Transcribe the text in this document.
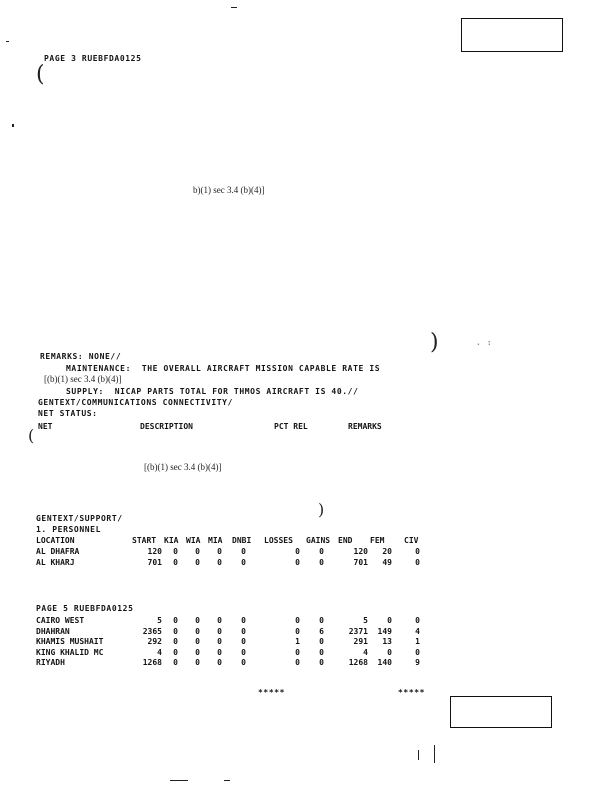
PAGE 3 RUEBFDA0125
(
b)(1) sec 3.4 (b)(4)]
)	. :
REMARKS: NONE//
MAINTENANCE:  THE OVERALL AIRCRAFT MISSION CAPABLE RATE IS
[(b)(1) sec 3.4 (b)(4)]
SUPPLY:  NICAP PARTS TOTAL FOR THMOS AIRCRAFT IS 40.//
GENTEXT/COMMUNICATIONS CONNECTIVITY/
NET STATUS:
NET	DESCRIPTION	PCT REL	REMARKS
(
[(b)(1) sec 3.4 (b)(4)]
)
GENTEXT/SUPPORT/
1. PERSONNEL
LOCATION	START KIA WIA MIA DNBI LOSSES GAINS END FEM CIV
AL DHAFRA	120	0	0	0	0	0	0	120	20	0
AL KHARJ	701	0	0	0	0	0	0	701	49	0
PAGE 5 RUEBFDA0125
CAIRO WEST	5	0	0	0	0	0	0	5	0	0
DHAHRAN	2365	0	0	0	0	0	6	2371	149	4
KHAMIS MUSHAIT	292	0	0	0	0	1	0	291	13	1
KING KHALID MC	4	0	0	0	0	0	0	4	0	0
RIYADH	1268	0	0	0	0	0	0	1268	140	9
*****	*****
